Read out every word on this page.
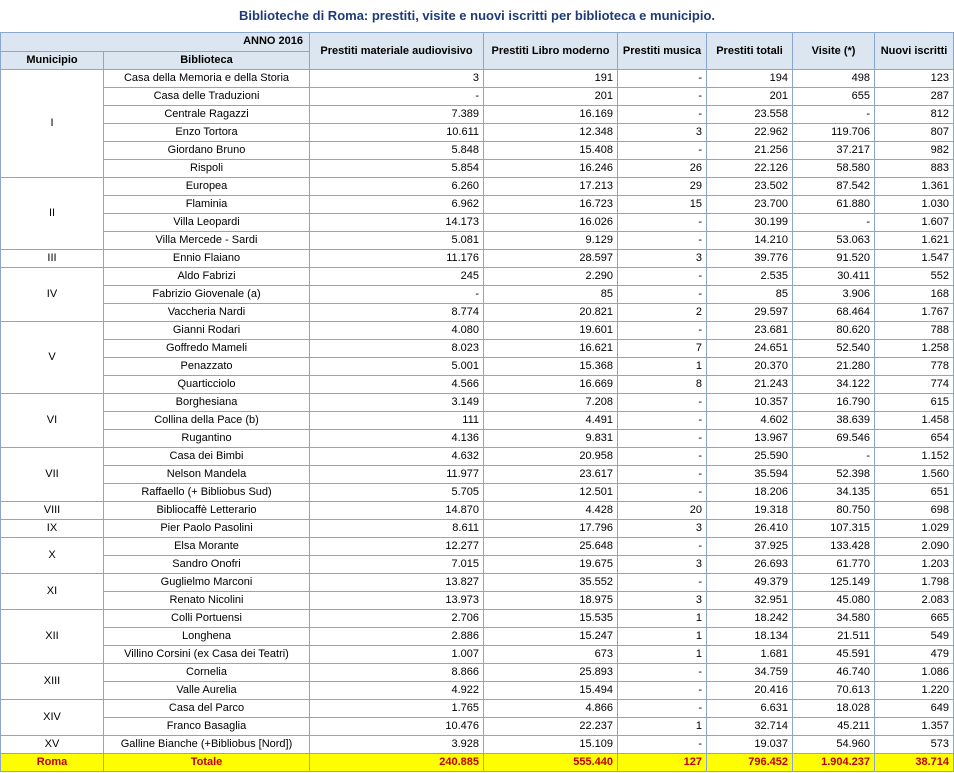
Biblioteche di Roma: prestiti, visite e nuovi iscritti per biblioteca e municipio.
ANNO 2016		Prestiti materiale audiovisivo	Prestiti Libro moderno	Prestiti musica	Prestiti totali	Visite (*)	Nuovi iscritti
Municipio	Biblioteca						
I	Casa della Memoria e della Storia	3	191	-	194	498	123
	Casa delle Traduzioni	-	201	-	201	655	287
	Centrale Ragazzi	7.389	16.169	-	23.558	-	812
	Enzo Tortora	10.611	12.348	3	22.962	119.706	807
	Giordano Bruno	5.848	15.408	-	21.256	37.217	982
	Rispoli	5.854	16.246	26	22.126	58.580	883
II	Europea	6.260	17.213	29	23.502	87.542	1.361
	Flaminia	6.962	16.723	15	23.700	61.880	1.030
	Villa Leopardi	14.173	16.026	-	30.199	-	1.607
	Villa Mercede - Sardi	5.081	9.129	-	14.210	53.063	1.621
III	Ennio Flaiano	11.176	28.597	3	39.776	91.520	1.547
IV	Aldo Fabrizi	245	2.290	-	2.535	30.411	552
	Fabrizio Giovenale (a)	-	85	-	85	3.906	168
	Vaccheria Nardi	8.774	20.821	2	29.597	68.464	1.767
V	Gianni Rodari	4.080	19.601	-	23.681	80.620	788
	Goffredo Mameli	8.023	16.621	7	24.651	52.540	1.258
	Penazzato	5.001	15.368	1	20.370	21.280	778
	Quarticciolo	4.566	16.669	8	21.243	34.122	774
VI	Borghesiana	3.149	7.208	-	10.357	16.790	615
	Collina della Pace (b)	111	4.491	-	4.602	38.639	1.458
	Rugantino	4.136	9.831	-	13.967	69.546	654
VII	Casa dei Bimbi	4.632	20.958	-	25.590	-	1.152
	Nelson Mandela	11.977	23.617	-	35.594	52.398	1.560
	Raffaello (+ Bibliobus Sud)	5.705	12.501	-	18.206	34.135	651
VIII	Bibliocaffè Letterario	14.870	4.428	20	19.318	80.750	698
IX	Pier Paolo Pasolini	8.611	17.796	3	26.410	107.315	1.029
X	Elsa Morante	12.277	25.648	-	37.925	133.428	2.090
	Sandro Onofri	7.015	19.675	3	26.693	61.770	1.203
XI	Guglielmo Marconi	13.827	35.552	-	49.379	125.149	1.798
	Renato Nicolini	13.973	18.975	3	32.951	45.080	2.083
XII	Colli Portuensi	2.706	15.535	1	18.242	34.580	665
	Longhena	2.886	15.247	1	18.134	21.511	549
	Villino Corsini (ex Casa dei Teatri)	1.007	673	1	1.681	45.591	479
XIII	Cornelia	8.866	25.893	-	34.759	46.740	1.086
	Valle Aurelia	4.922	15.494	-	20.416	70.613	1.220
XIV	Casa del Parco	1.765	4.866	-	6.631	18.028	649
	Franco Basaglia	10.476	22.237	1	32.714	45.211	1.357
XV	Galline Bianche (+Bibliobus [Nord])	3.928	15.109	-	19.037	54.960	573
Roma	Totale	240.885	555.440	127	796.452	1.904.237	38.714
